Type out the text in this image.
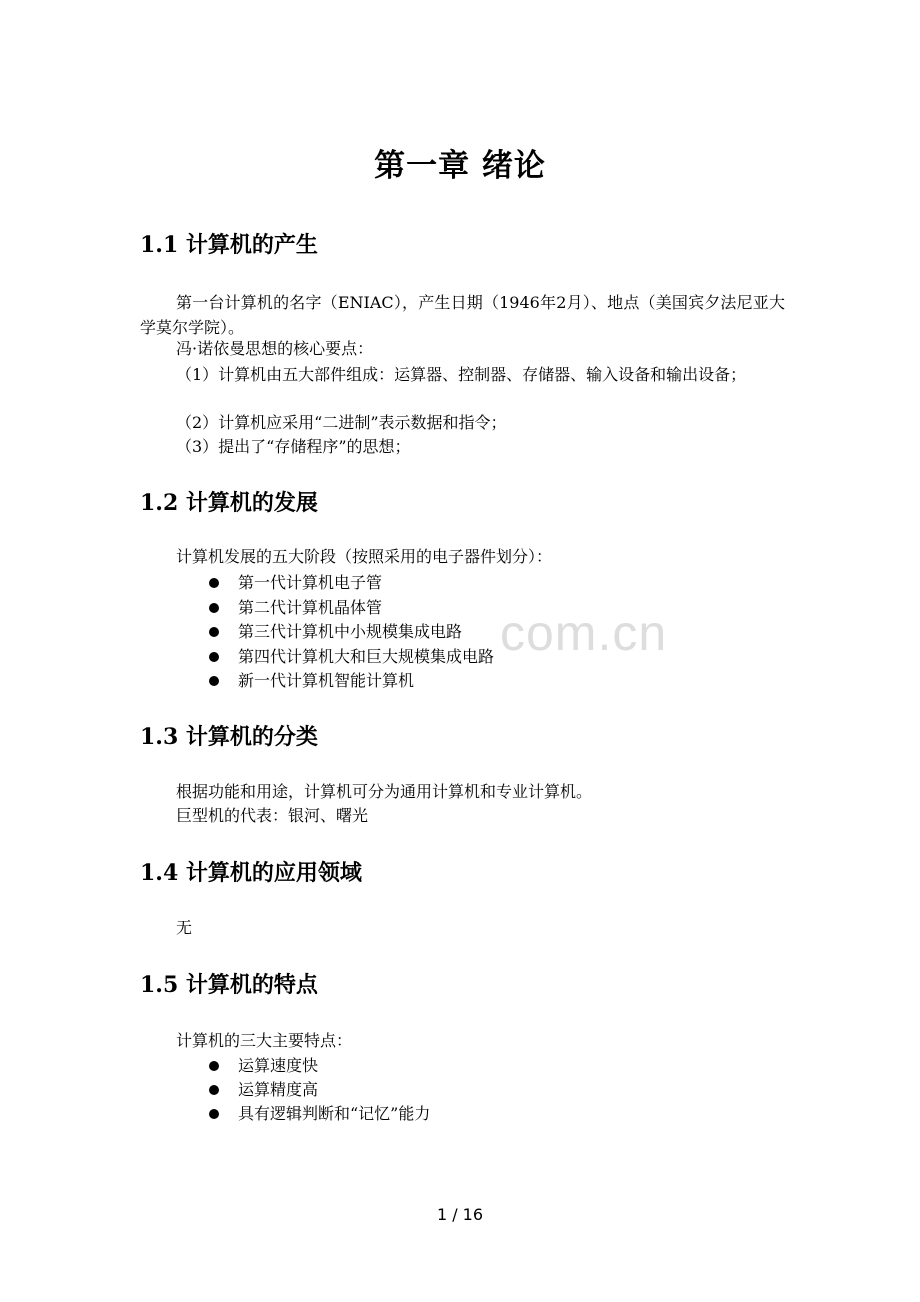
com.cn
第一章 绪论
1.1 计算机的产生

第一台计算机的名字（ENIAC），产生日期（1946年2月）、地点（美国宾夕法尼亚大学莫尔学院）。

冯·诺依曼思想的核心要点：

（1）计算机由五大部件组成：运算器、控制器、存储器、输入设备和输出设备；

（2）计算机应采用“二进制”表示数据和指令；

（3）提出了“存储程序”的思想；

1.2 计算机的发展

计算机发展的五大阶段（按照采用的电子器件划分）：

第一代计算机电子管
第二代计算机晶体管
第三代计算机中小规模集成电路
第四代计算机大和巨大规模集成电路
新一代计算机智能计算机
1.3 计算机的分类

根据功能和用途，计算机可分为通用计算机和专业计算机。

巨型机的代表：银河、曙光

1.4 计算机的应用领域

无

1.5 计算机的特点

计算机的三大主要特点：

运算速度快
运算精度高
具有逻辑判断和“记忆”能力
1 / 16
